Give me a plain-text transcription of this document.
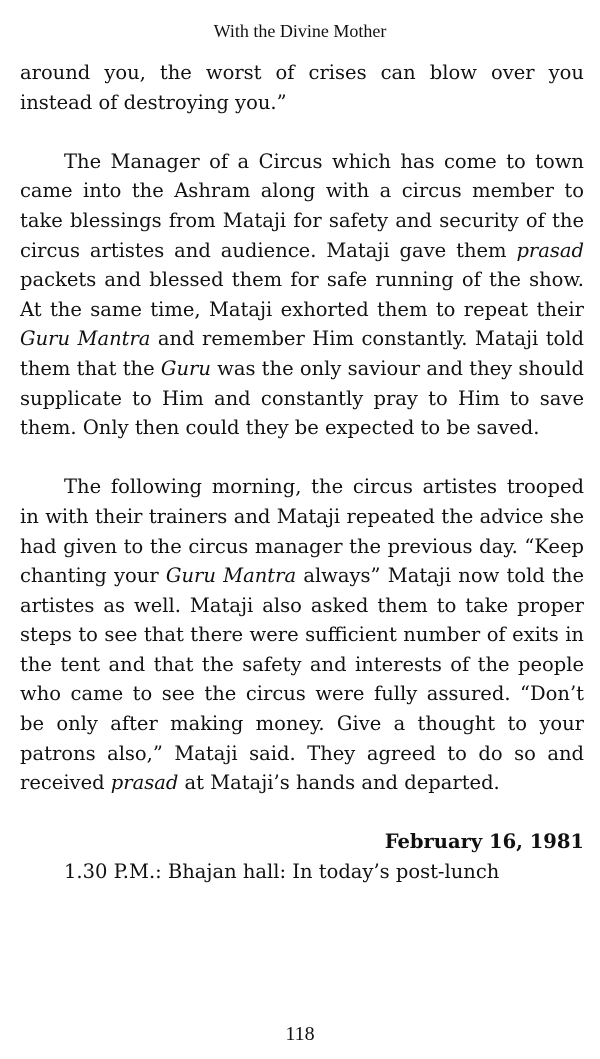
With the Divine Mother

around you, the worst of crises can blow over you instead of destroying you.”

The Manager of a Circus which has come to town came into the Ashram along with a circus member to take blessings from Mataji for safety and security of the circus artistes and audience. Mataji gave them prasad packets and blessed them for safe running of the show. At the same time, Mataji exhorted them to repeat their Guru Mantra and remember Him constantly. Mataji told them that the Guru was the only saviour and they should supplicate to Him and constantly pray to Him to save them. Only then could they be expected to be saved.

The following morning, the circus artistes trooped in with their trainers and Mataji repeated the advice she had given to the circus manager the previous day. “Keep chanting your Guru Mantra always” Mataji now told the artistes as well. Mataji also asked them to take proper steps to see that there were sufficient number of exits in the tent and that the safety and interests of the people who came to see the circus were fully assured. “Don’t be only after making money. Give a thought to your patrons also,” Mataji said. They agreed to do so and received prasad at Mataji’s hands and departed.

February 16, 1981

1.30 P.M.: Bhajan hall: In today’s post-lunch

118
